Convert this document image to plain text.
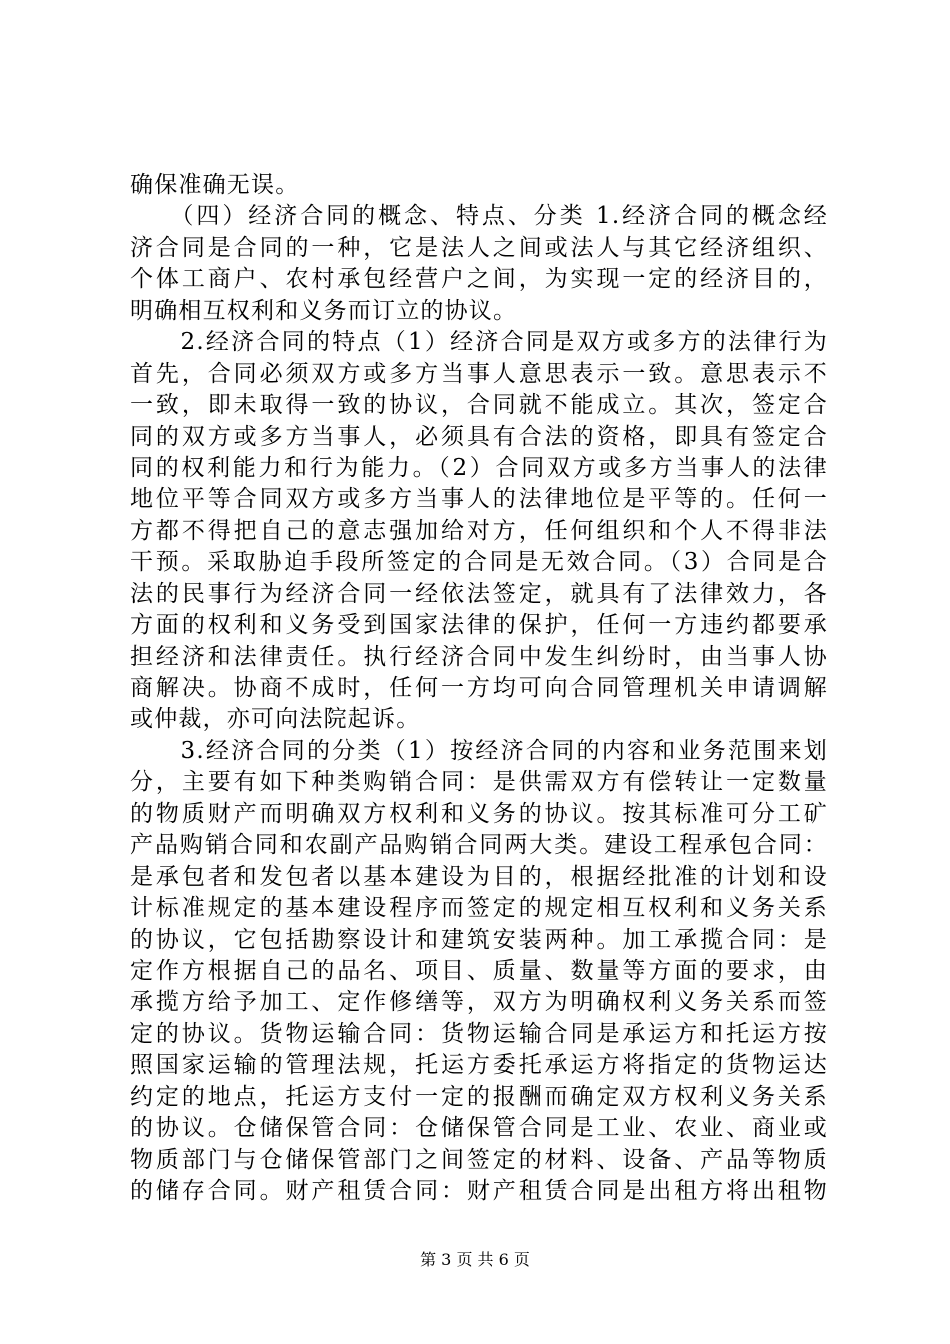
确保准确无误。
　　（四）经济合同的概念、特点、分类 1.经济合同的概念经
济合同是合同的一种，它是法人之间或法人与其它经济组织、
个体工商户、农村承包经营户之间，为实现一定的经济目的，
明确相互权利和义务而订立的协议。
　　2.经济合同的特点（1）经济合同是双方或多方的法律行为
首先，合同必须双方或多方当事人意思表示一致。意思表示不
一致，即未取得一致的协议，合同就不能成立。其次，签定合
同的双方或多方当事人，必须具有合法的资格，即具有签定合
同的权利能力和行为能力。（2）合同双方或多方当事人的法律
地位平等合同双方或多方当事人的法律地位是平等的。任何一
方都不得把自己的意志强加给对方，任何组织和个人不得非法
干预。采取胁迫手段所签定的合同是无效合同。（3）合同是合
法的民事行为经济合同一经依法签定，就具有了法律效力，各
方面的权利和义务受到国家法律的保护，任何一方违约都要承
担经济和法律责任。执行经济合同中发生纠纷时，由当事人协
商解决。协商不成时，任何一方均可向合同管理机关申请调解
或仲裁，亦可向法院起诉。
　　3.经济合同的分类（1）按经济合同的内容和业务范围来划
分，主要有如下种类购销合同：是供需双方有偿转让一定数量
的物质财产而明确双方权利和义务的协议。按其标准可分工矿
产品购销合同和农副产品购销合同两大类。建设工程承包合同：
是承包者和发包者以基本建设为目的，根据经批准的计划和设
计标准规定的基本建设程序而签定的规定相互权利和义务关系
的协议，它包括勘察设计和建筑安装两种。加工承揽合同：是
定作方根据自己的品名、项目、质量、数量等方面的要求，由
承揽方给予加工、定作修缮等，双方为明确权利义务关系而签
定的协议。货物运输合同：货物运输合同是承运方和托运方按
照国家运输的管理法规，托运方委托承运方将指定的货物运达
约定的地点，托运方支付一定的报酬而确定双方权利义务关系
的协议。仓储保管合同：仓储保管合同是工业、农业、商业或
物质部门与仓储保管部门之间签定的材料、设备、产品等物质
的储存合同。财产租赁合同：财产租赁合同是出租方将出租物
第 3 页 共 6 页
